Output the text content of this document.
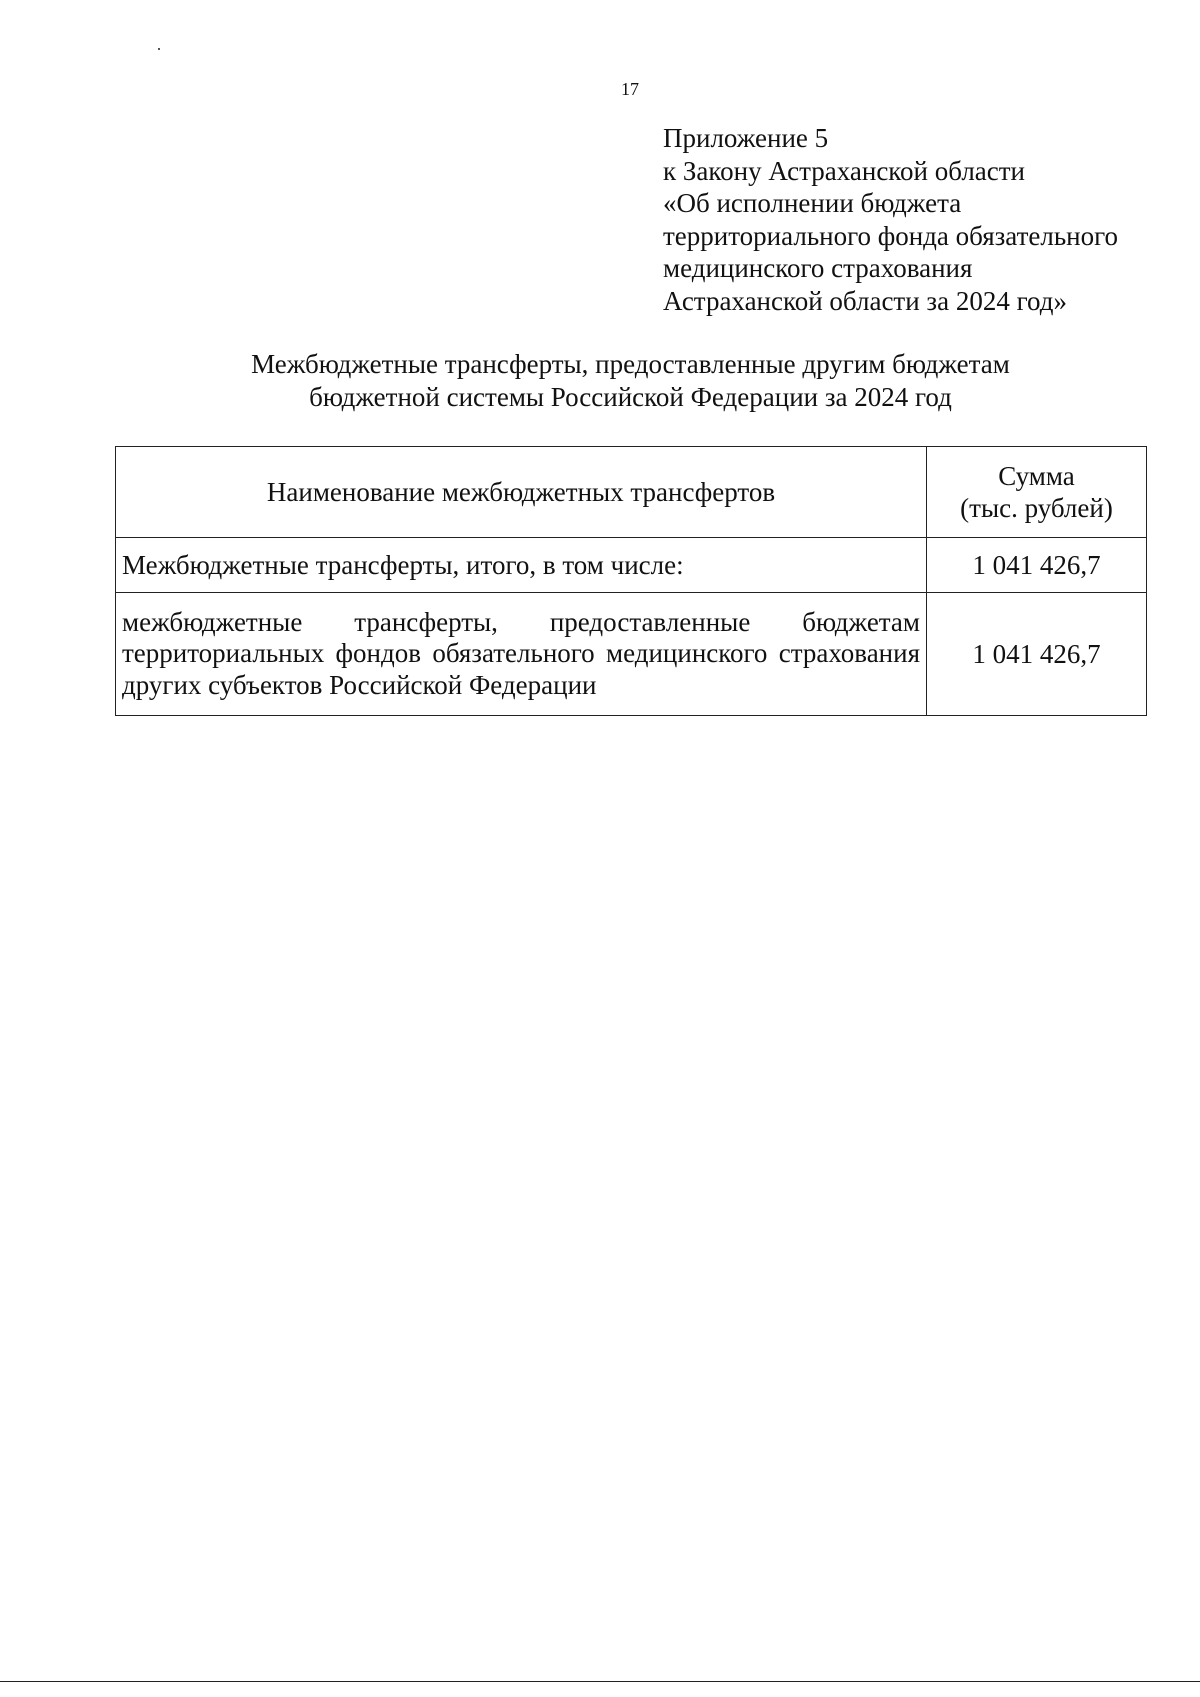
17
Приложение 5
к Закону Астраханской области
«Об исполнении бюджета
территориального фонда обязательного
медицинского страхования
Астраханской области за 2024 год»
Межбюджетные трансферты, предоставленные другим бюджетам
бюджетной системы Российской Федерации за 2024 год
Наименование межбюджетных трансфертов	Сумма
(тыс. рублей)

Межбюджетные трансферты, итого, в том числе:	1 041 426,7
межбюджетные трансферты, предоставленные бюджетам территориальных фондов обязательного медицинского страхования других субъектов Российской Федерации	1 041 426,7
